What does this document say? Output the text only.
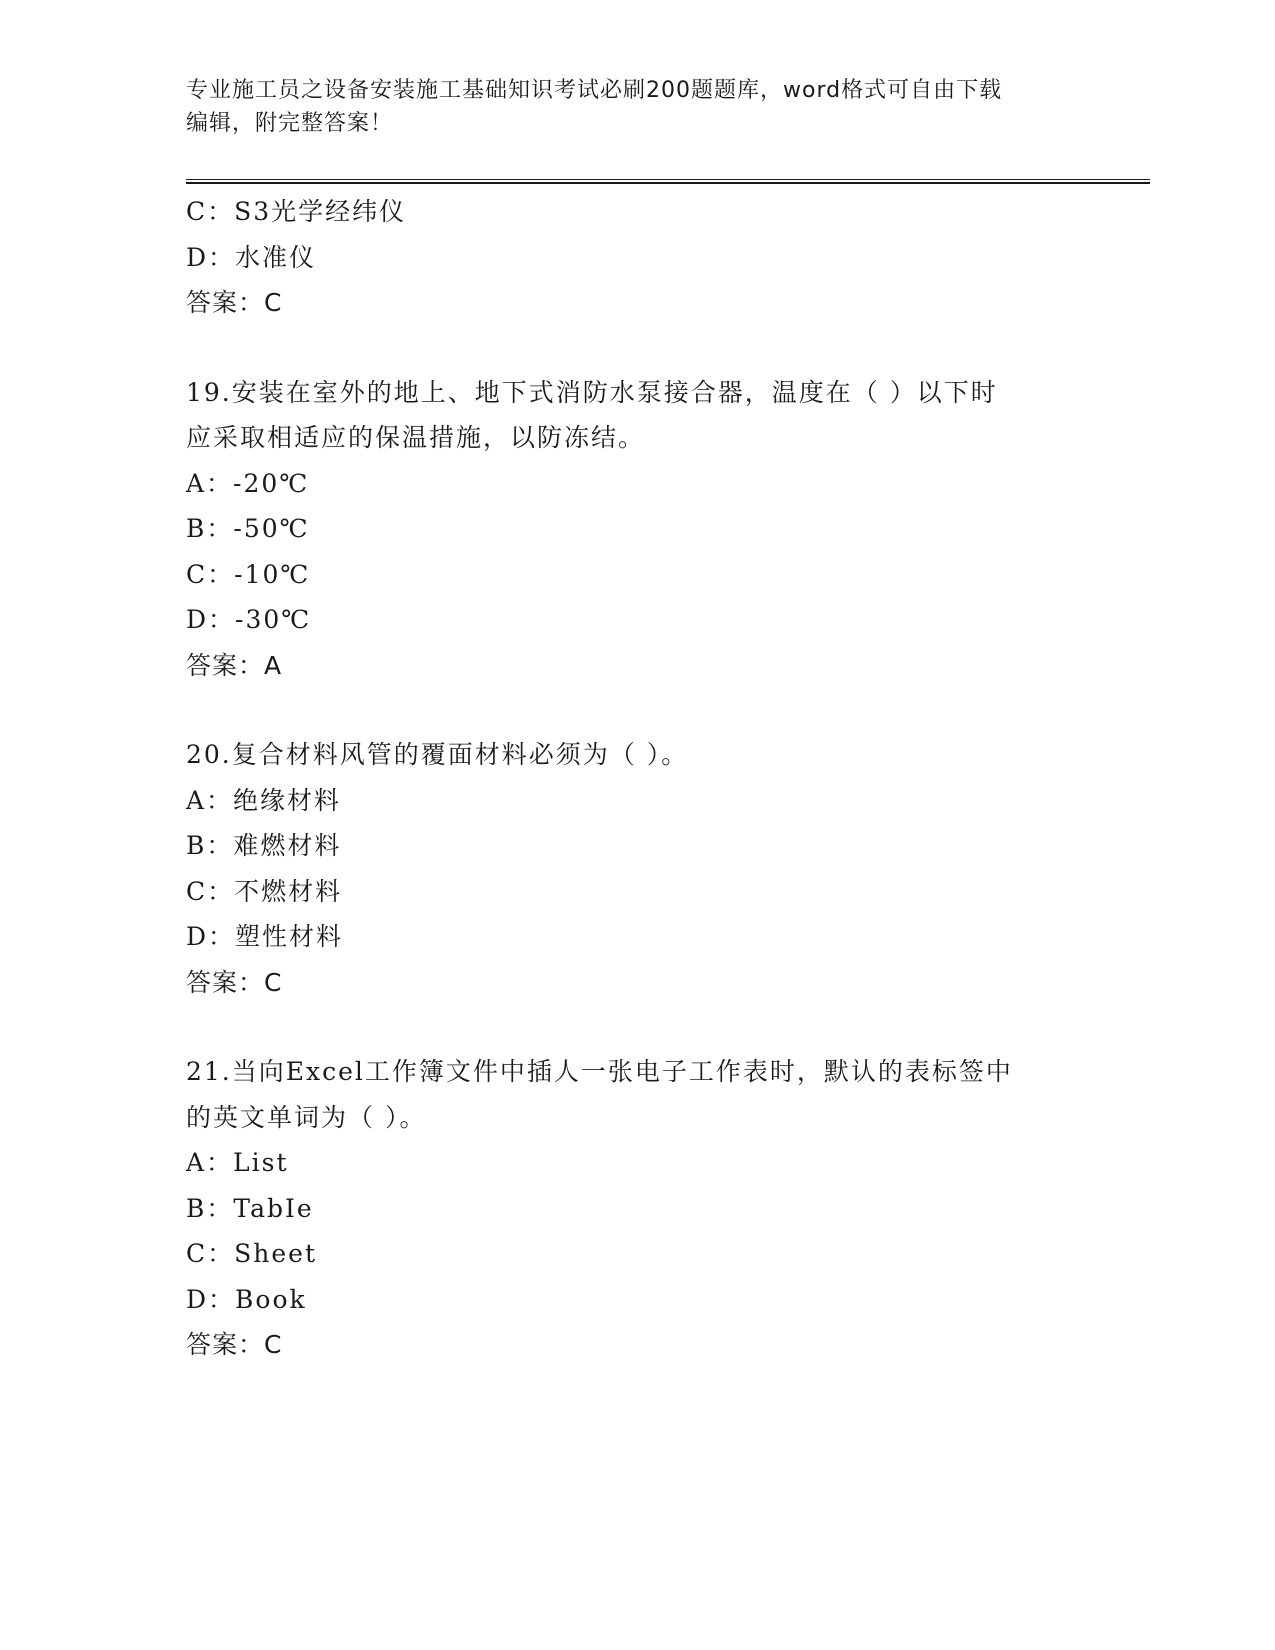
专业施工员之设备安装施工基础知识考试必刷200题题库，word格式可自由下载
编辑，附完整答案！
C：S3光学经纬仪
D：水准仪
答案：C
19.安装在室外的地上、地下式消防水泵接合器，温度在（ ）以下时
应采取相适应的保温措施，以防冻结。
A：-20℃
B：-50℃
C：-10℃
D：-30℃
答案：A
20.复合材料风管的覆面材料必须为（ ）。
A：绝缘材料
B：难燃材料
C：不燃材料
D：塑性材料
答案：C
21.当向Excel工作簿文件中插人一张电子工作表时，默认的表标签中
的英文单词为（ ）。
A：List
B：TabIe
C：Sheet
D：Book
答案：C
